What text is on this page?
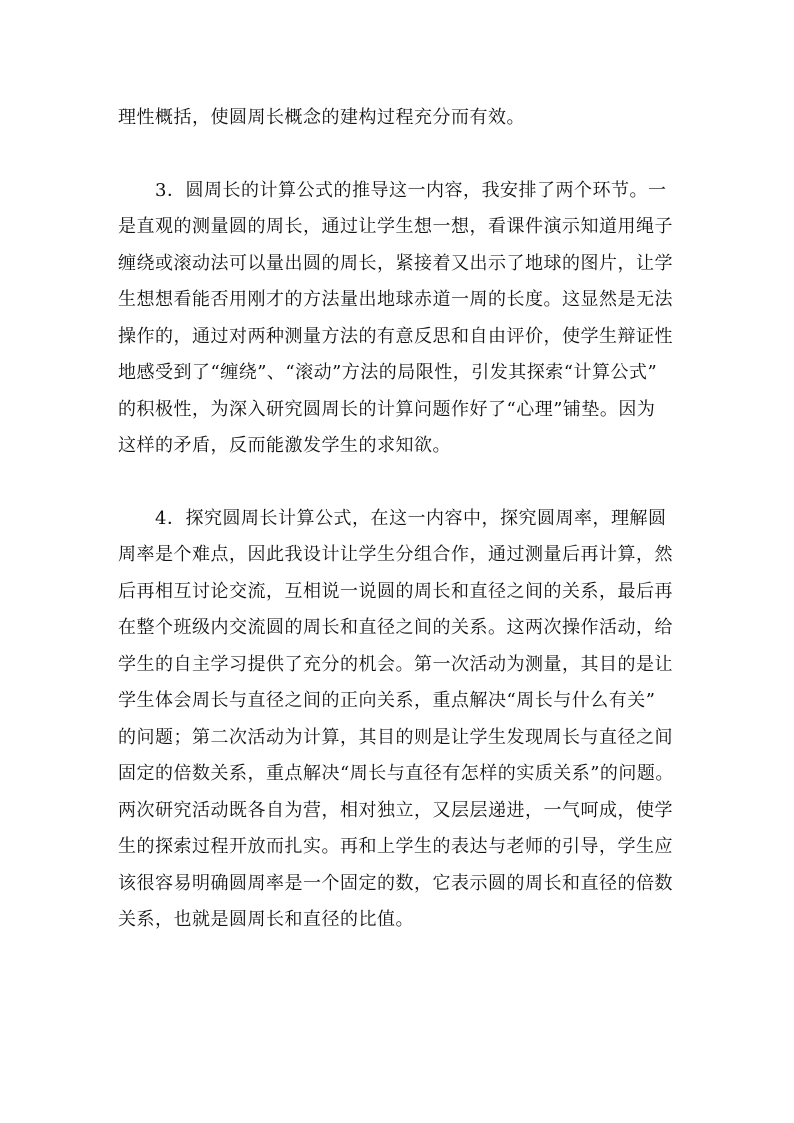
理性概括，使圆周长概念的建构过程充分而有效。

3．圆周长的计算公式的推导这一内容，我安排了两个环节。一
是直观的测量圆的周长，通过让学生想一想，看课件演示知道用绳子
缠绕或滚动法可以量出圆的周长，紧接着又出示了地球的图片，让学
生想想看能否用刚才的方法量出地球赤道一周的长度。这显然是无法
操作的，通过对两种测量方法的有意反思和自由评价，使学生辩证性
地感受到了“缠绕”、“滚动”方法的局限性，引发其探索“计算公式”
的积极性，为深入研究圆周长的计算问题作好了“心理”铺垫。因为
这样的矛盾，反而能激发学生的求知欲。

4．探究圆周长计算公式，在这一内容中，探究圆周率，理解圆
周率是个难点，因此我设计让学生分组合作，通过测量后再计算，然
后再相互讨论交流，互相说一说圆的周长和直径之间的关系，最后再
在整个班级内交流圆的周长和直径之间的关系。这两次操作活动，给
学生的自主学习提供了充分的机会。第一次活动为测量，其目的是让
学生体会周长与直径之间的正向关系，重点解决“周长与什么有关”
的问题；第二次活动为计算，其目的则是让学生发现周长与直径之间
固定的倍数关系，重点解决“周长与直径有怎样的实质关系”的问题。
两次研究活动既各自为营，相对独立，又层层递进，一气呵成，使学
生的探索过程开放而扎实。再和上学生的表达与老师的引导，学生应
该很容易明确圆周率是一个固定的数，它表示圆的周长和直径的倍数
关系，也就是圆周长和直径的比值。
